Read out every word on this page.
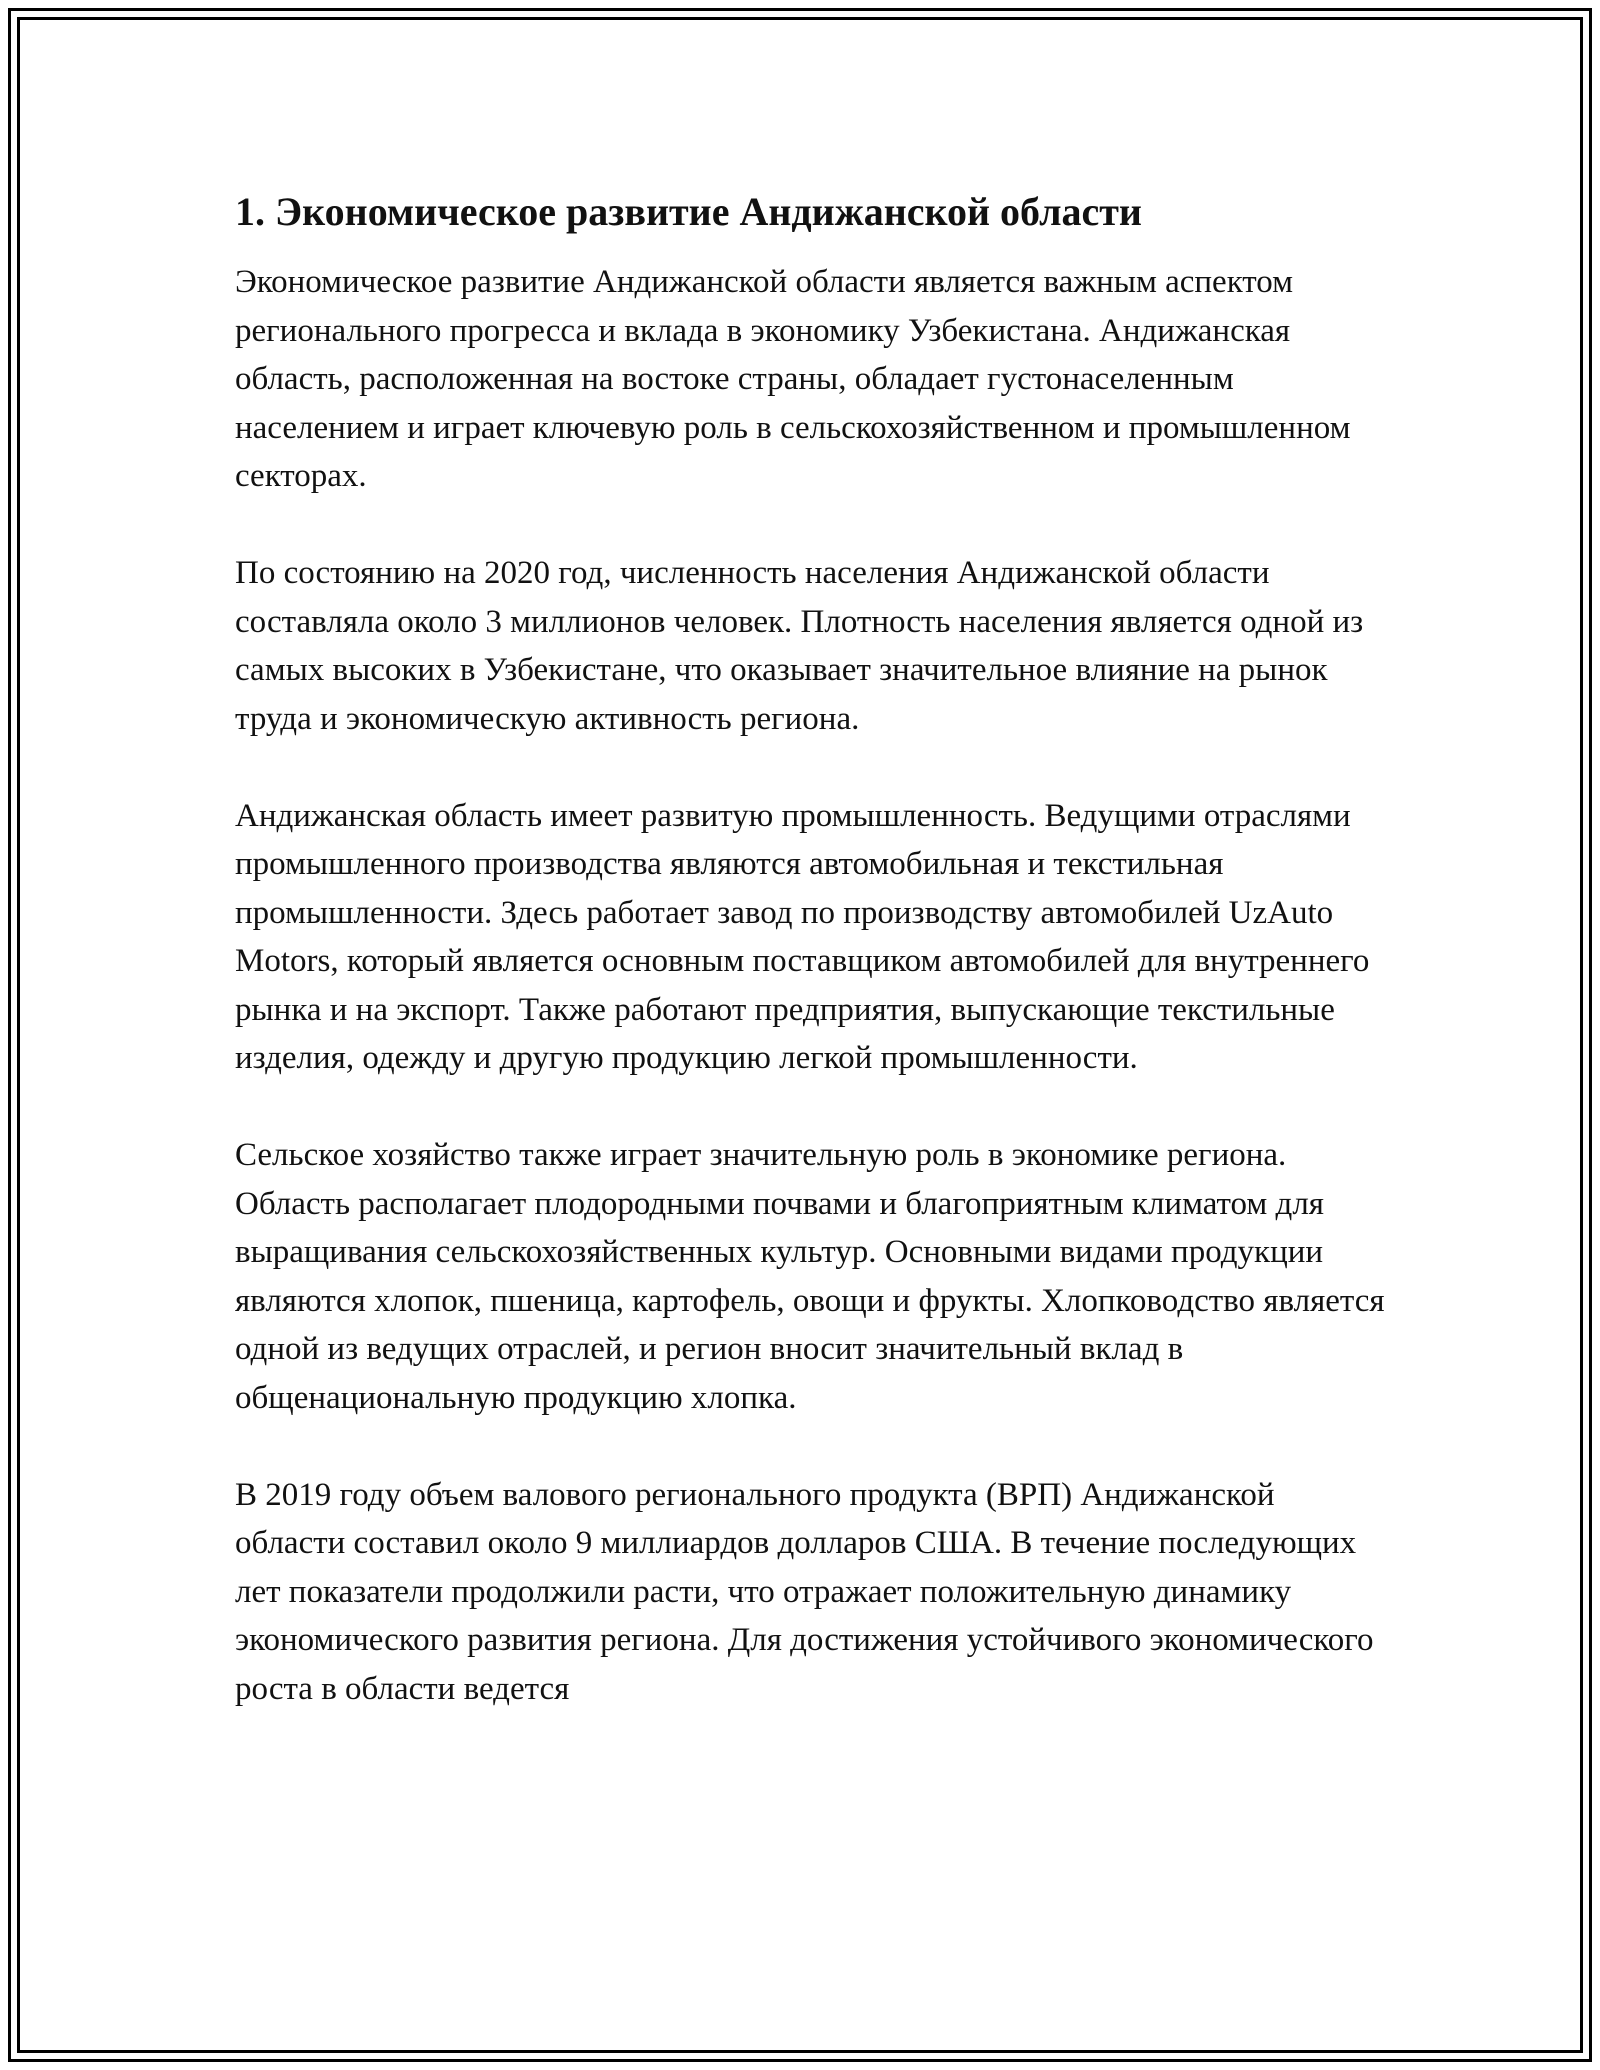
1. Экономическое развитие Андижанской области

Экономическое развитие Андижанской области является важным аспектом регионального прогресса и вклада в экономику Узбекистана. Андижанская область, расположенная на востоке страны, обладает густонаселенным населением и играет ключевую роль в сельскохозяйственном и промышленном секторах.

По состоянию на 2020 год, численность населения Андижанской области составляла около 3 миллионов человек. Плотность населения является одной из самых высоких в Узбекистане, что оказывает значительное влияние на рынок труда и экономическую активность региона.

Андижанская область имеет развитую промышленность. Ведущими отраслями промышленного производства являются автомобильная и текстильная промышленности. Здесь работает завод по производству автомобилей UzAuto Motors, который является основным поставщиком автомобилей для внутреннего рынка и на экспорт. Также работают предприятия, выпускающие текстильные изделия, одежду и другую продукцию легкой промышленности.

Сельское хозяйство также играет значительную роль в экономике региона. Область располагает плодородными почвами и благоприятным климатом для выращивания сельскохозяйственных культур. Основными видами продукции являются хлопок, пшеница, картофель, овощи и фрукты. Хлопководство является одной из ведущих отраслей, и регион вносит значительный вклад в общенациональную продукцию хлопка.

В 2019 году объем валового регионального продукта (ВРП) Андижанской области составил около 9 миллиардов долларов США. В течение последующих лет показатели продолжили расти, что отражает положительную динамику экономического развития региона. Для достижения устойчивого экономического роста в области ведется
